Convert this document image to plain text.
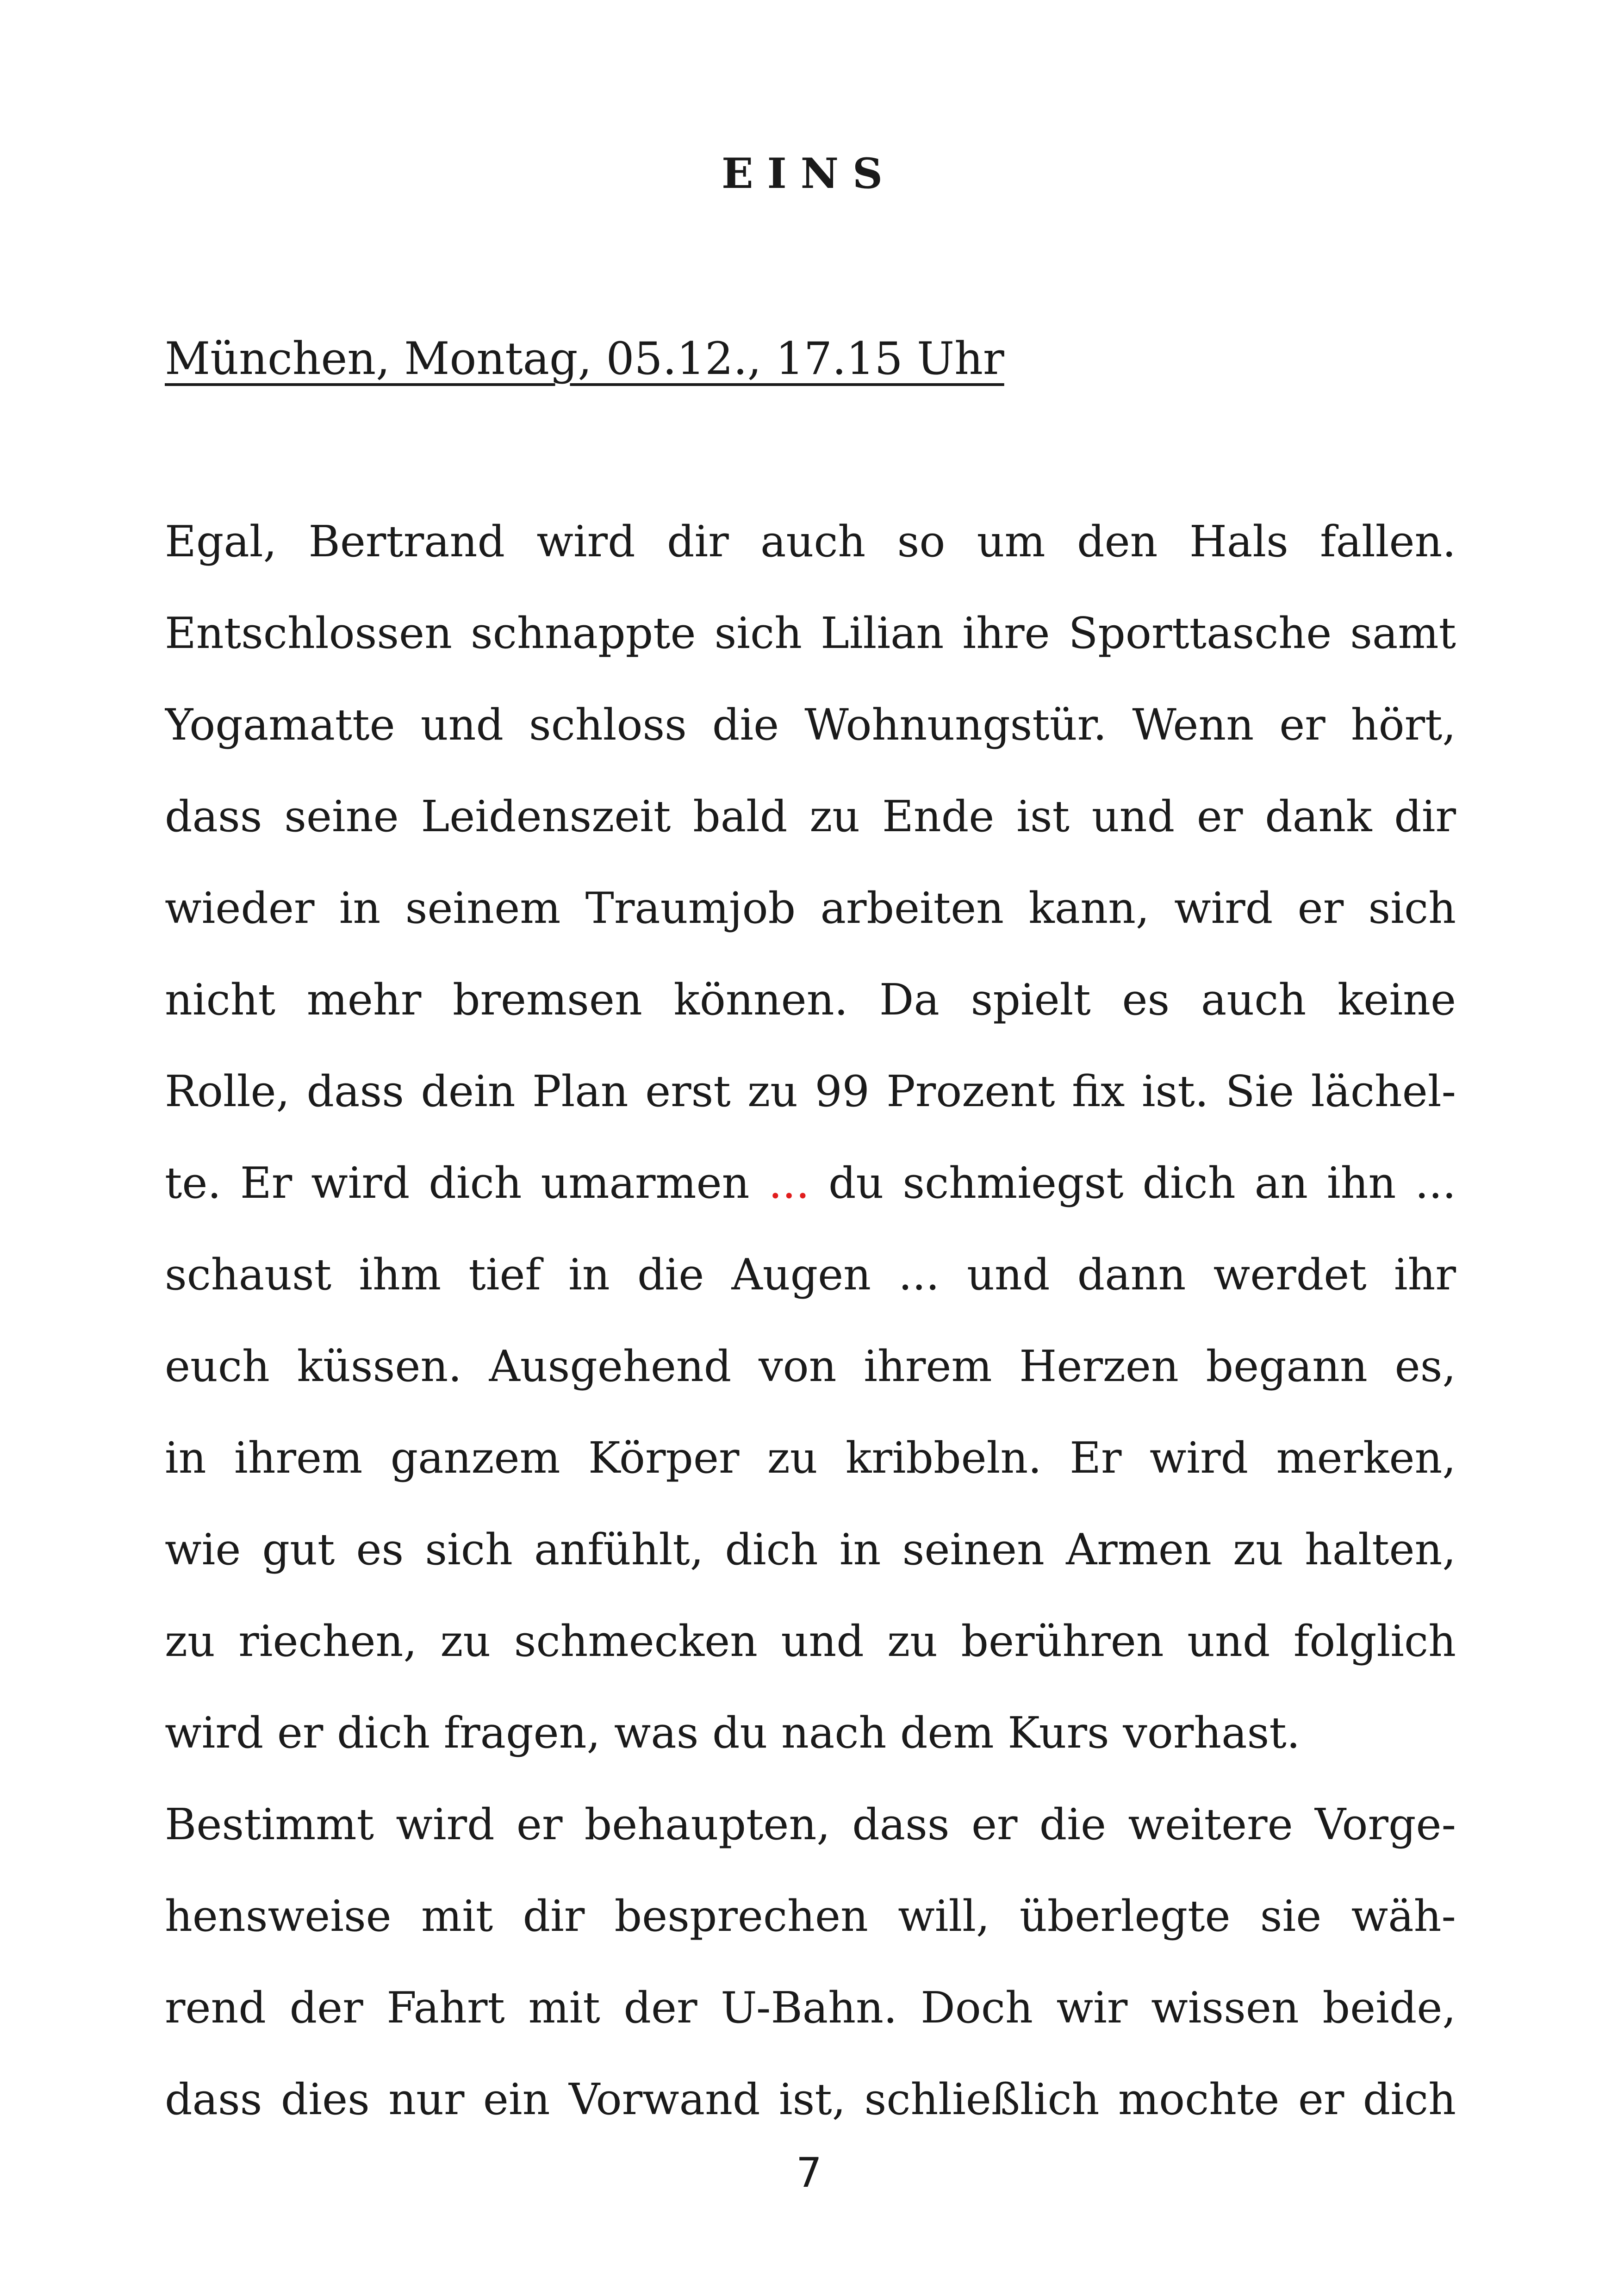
EINS

München, Montag, 05.12., 17.15 Uhr

Egal, Bertrand wird dir auch so um den Hals fallen.
Entschlossen schnappte sich Lilian ihre Sporttasche samt
Yogamatte und schloss die Wohnungstür. Wenn er hört,
dass seine Leidenszeit bald zu Ende ist und er dank dir
wieder in seinem Traumjob arbeiten kann, wird er sich
nicht mehr bremsen können. Da spielt es auch keine
Rolle, dass dein Plan erst zu 99 Prozent fix ist. Sie lächel-
te. Er wird dich umarmen ... du schmiegst dich an ihn ...
schaust ihm tief in die Augen ... und dann werdet ihr
euch küssen. Ausgehend von ihrem Herzen begann es,
in ihrem ganzem Körper zu kribbeln. Er wird merken,
wie gut es sich anfühlt, dich in seinen Armen zu halten,
zu riechen, zu schmecken und zu berühren und folglich
wird er dich fragen, was du nach dem Kurs vorhast.
Bestimmt wird er behaupten, dass er die weitere Vorge-
hensweise mit dir besprechen will, überlegte sie wäh-
rend der Fahrt mit der U-Bahn. Doch wir wissen beide,
dass dies nur ein Vorwand ist, schließlich mochte er dich
7
